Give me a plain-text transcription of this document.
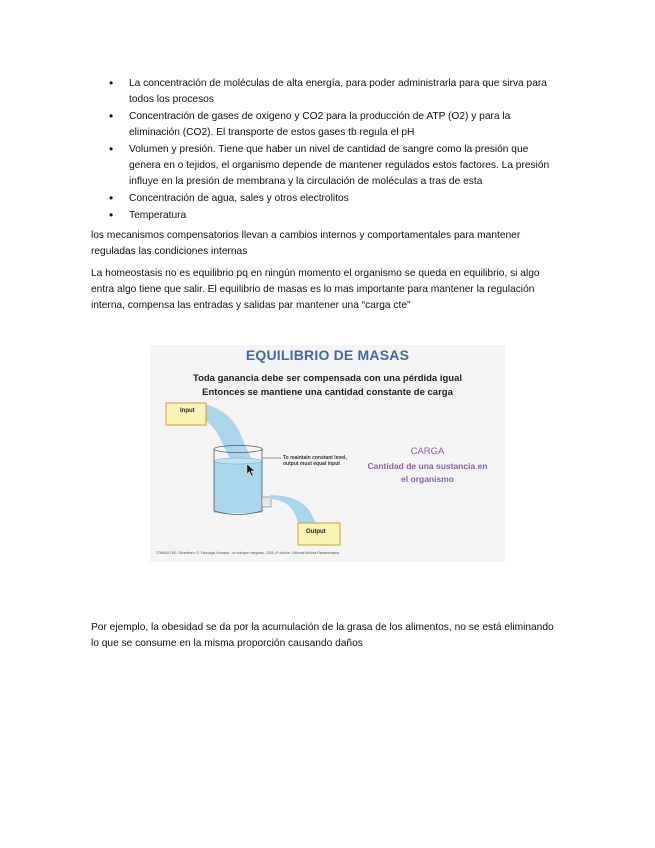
• La concentración de moléculas de alta energía, para poder administrarla para que sirva para todos los procesos
• Concentración de gases de oxigeno y CO2 para la producción de ATP (O2) y para la eliminación (CO2). El transporte de estos gases tb regula el pH
• Volumen y presión. Tiene que haber un nivel de cantidad de sangre como la presión que genera en o tejidos, el organismo depende de mantener regulados estos factores. La presión influye en la presión de membrana y la circulación de moléculas a tras de esta
• Concentración de agua, sales y otros electrolitos
• Temperatura

los mecanismos compensatorios llevan a cambios internos y comportamentales para mantener reguladas las condiciones internas

La homeostasis no es equilibrio pq en ningún momento el organismo se queda en equilibrio, si algo entra algo tiene que salir. El equilibrio de masas es lo mas importante para mantener la regulación interna, compensa las entradas y salidas par mantener una “carga cte”

EQUILIBRIO DE MASAS
Toda ganancia debe ser compensada con una pérdida igual
Entonces se mantiene una cantidad constante de carga
Input
Output
To maintain constant level,
output must equal input
CARGA
Cantidad de una sustancia en
el organismo
TOMADO DE: Silverthorn, D. Fisiología Humana - un enfoque integrado, 2008, 4ª edición. Editorial Médica Panamericana

Por ejemplo, la obesidad se da por la acumulación de la grasa de los alimentos, no se está eliminando lo que se consume en la misma proporción causando daños
